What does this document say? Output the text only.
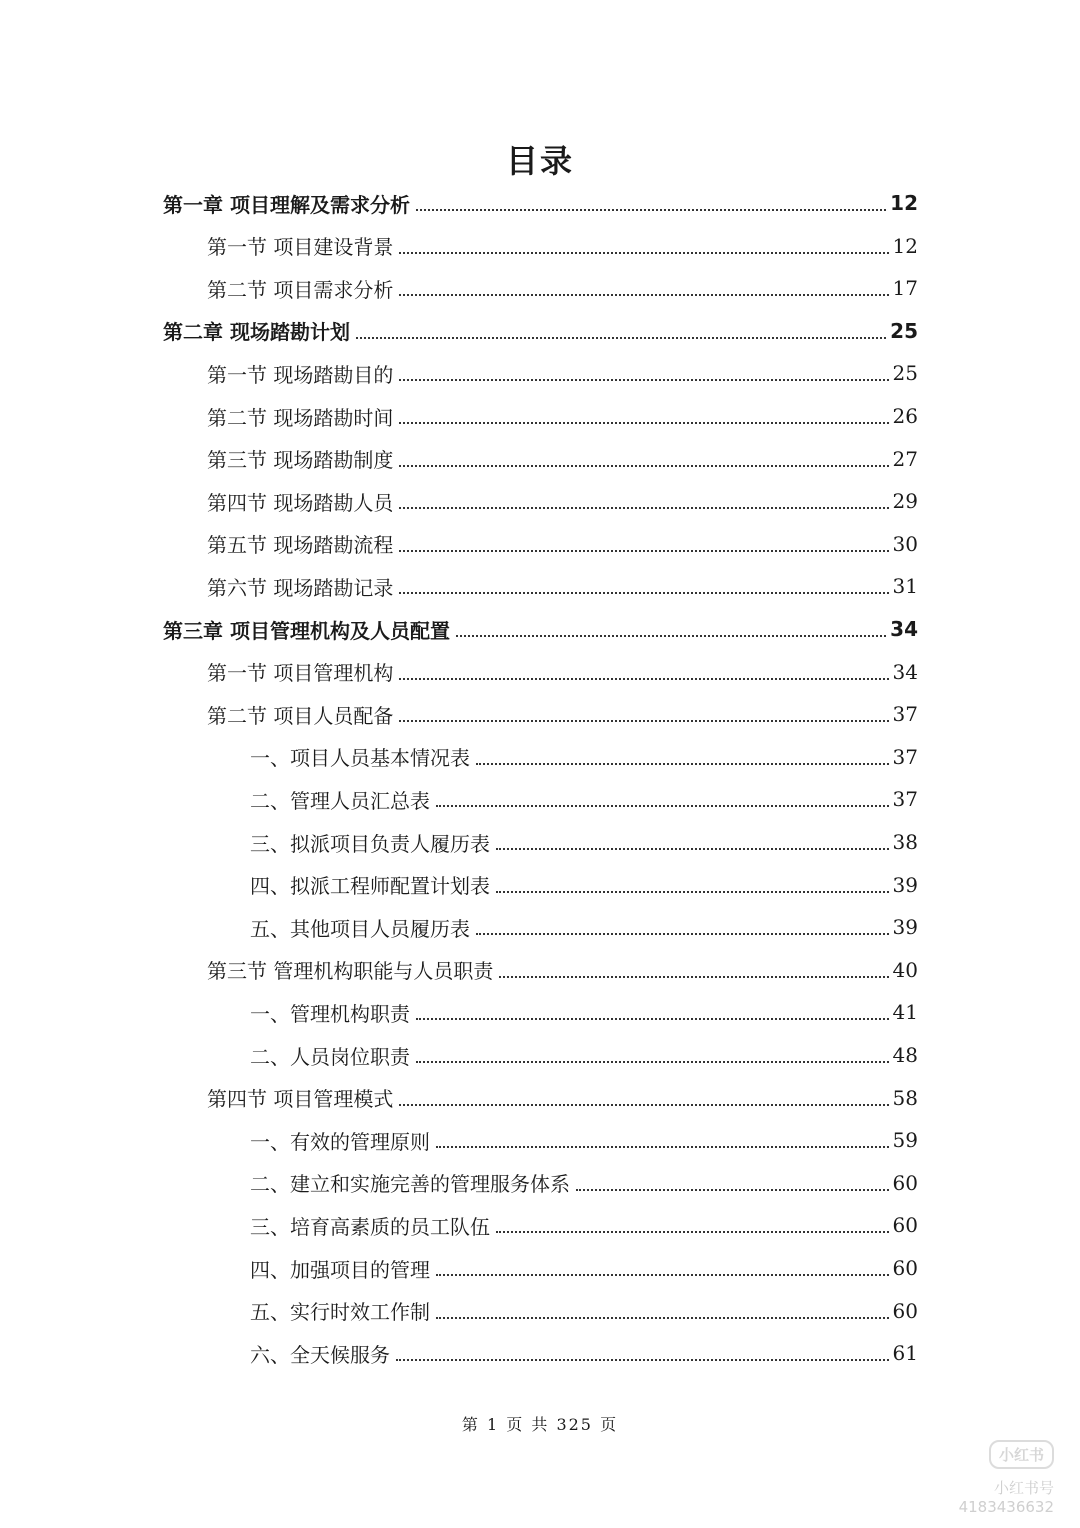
目录
第一章 项目理解及需求分析	12
第一节 项目建设背景	12
第二节 项目需求分析	17
第二章 现场踏勘计划	25
第一节 现场踏勘目的	25
第二节 现场踏勘时间	26
第三节 现场踏勘制度	27
第四节 现场踏勘人员	29
第五节 现场踏勘流程	30
第六节 现场踏勘记录	31
第三章 项目管理机构及人员配置	34
第一节 项目管理机构	34
第二节 项目人员配备	37
一、项目人员基本情况表	37
二、管理人员汇总表	37
三、拟派项目负责人履历表	38
四、拟派工程师配置计划表	39
五、其他项目人员履历表	39
第三节 管理机构职能与人员职责	40
一、管理机构职责	41
二、人员岗位职责	48
第四节 项目管理模式	58
一、有效的管理原则	59
二、建立和实施完善的管理服务体系	60
三、培育高素质的员工队伍	60
四、加强项目的管理	60
五、实行时效工作制	60
六、全天候服务	61
第 1 页 共 325 页
小红书
小红书号 4183436632
